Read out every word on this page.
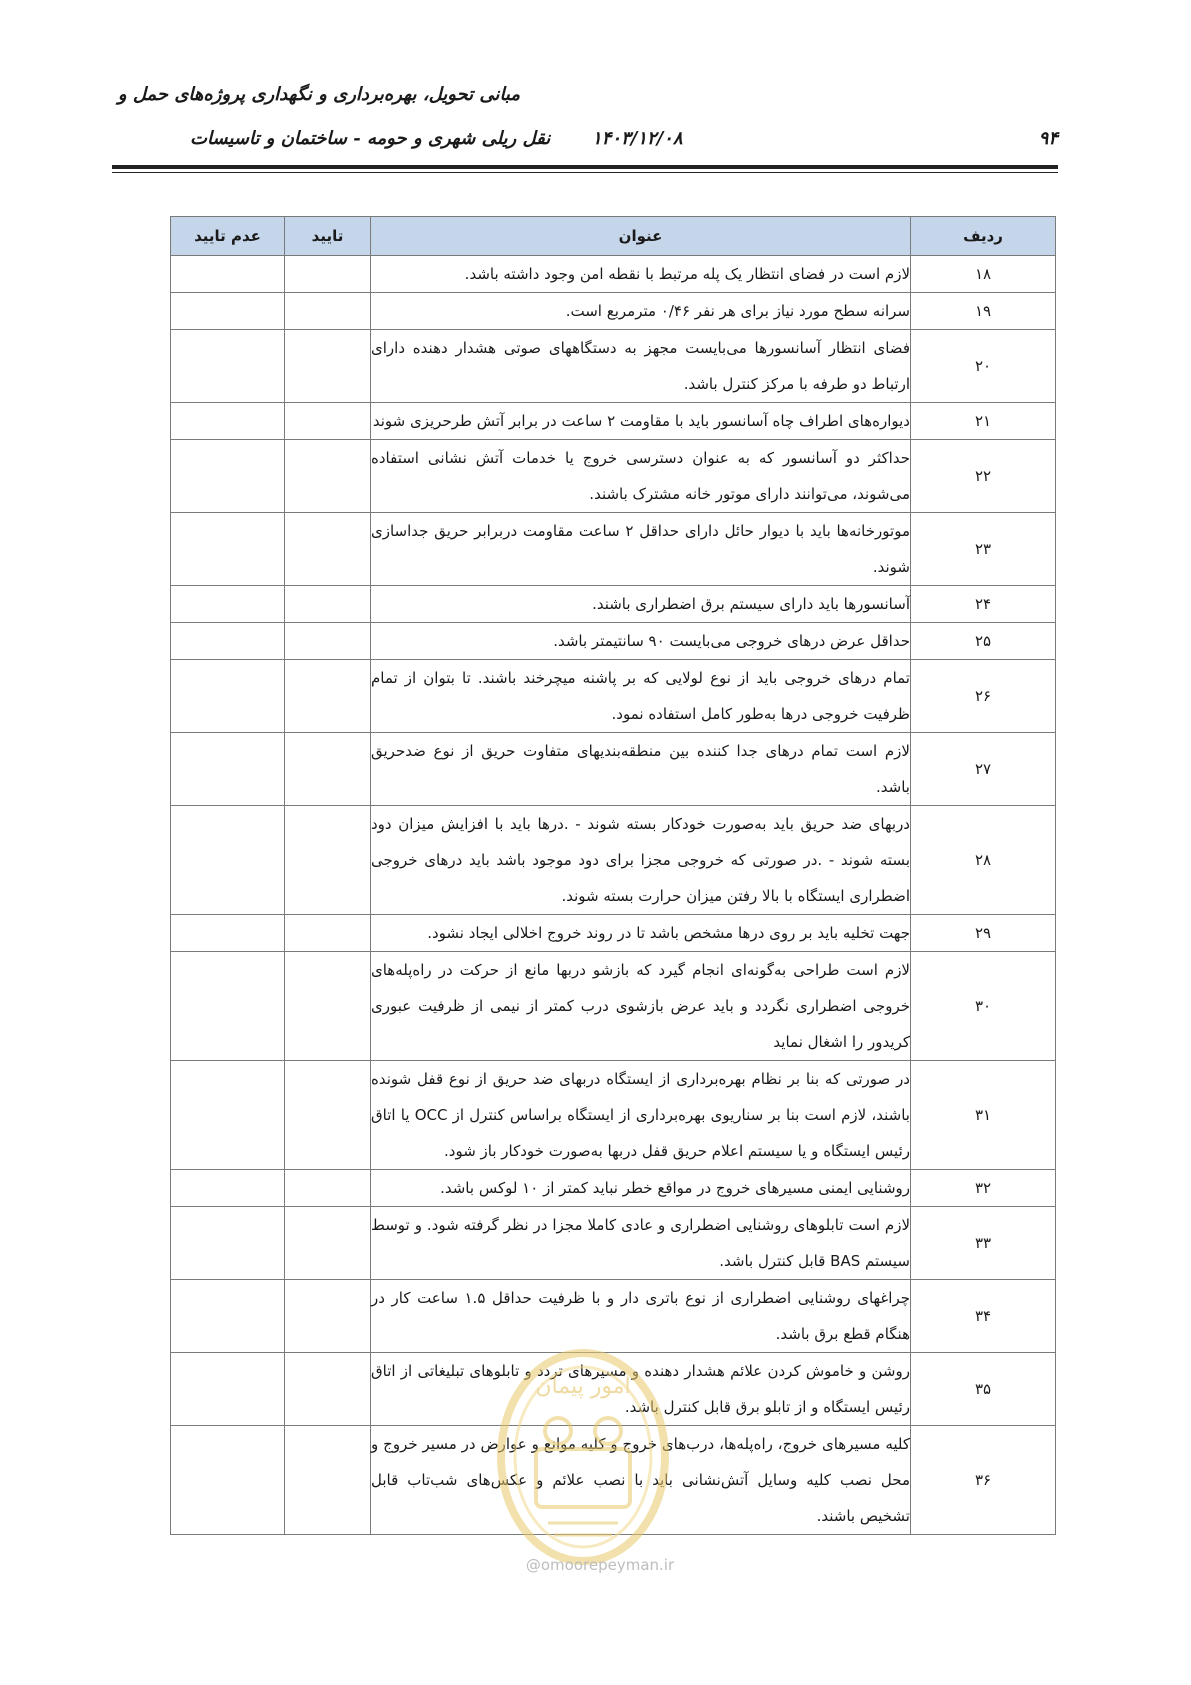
مبانی تحویل، بهره‌برداری و نگهداری پروژه‌های حمل و
نقل ریلی شهری و حومه - ساختمان و تاسیسات ۱۴۰۳/۱۲/۰۸	۹۴
ردیف	عنوان	تایید	عدم تایید
۱۸	لازم است در فضای انتظار یک پله مرتبط با نقطه امن وجود داشته باشد.		
۱۹	سرانه سطح مورد نیاز برای هر نفر ۰/۴۶ مترمربع است.		
۲۰	فضای انتظار آسانسورها می‌بایست مجهز به دستگاههای صوتی هشدار دهنده دارای ارتباط دو طرفه با مرکز کنترل باشد.		
۲۱	دیواره‌های اطراف چاه آسانسور باید با مقاومت ۲ ساعت در برابر آتش طرحریزی شوند		
۲۲	حداکثر دو آسانسور که به عنوان دسترسی خروج یا خدمات آتش نشانی استفاده می‌شوند، می‌توانند دارای موتور خانه مشترک باشند.		
۲۳	موتورخانه‌ها باید با دیوار حائل دارای حداقل ۲ ساعت مقاومت دربرابر حریق جداسازی شوند.		
۲۴	آسانسورها باید دارای سیستم برق اضطراری باشند.		
۲۵	حداقل عرض درهای خروجی می‌بایست ۹۰ سانتیمتر باشد.		
۲۶	تمام درهای خروجی باید از نوع لولایی که بر پاشنه میچرخند باشند. تا بتوان از تمام ظرفیت خروجی درها به‌طور کامل استفاده نمود.		
۲۷	لازم است تمام درهای جدا کننده بین منطقه‌بندیهای متفاوت حریق از نوع ضدحریق باشد.		
۲۸	دربهای ضد حریق باید به‌صورت خودکار بسته شوند - .درها باید با افزایش میزان دود بسته شوند - .در صورتی که خروجی مجزا برای دود موجود باشد باید درهای خروجی اضطراری ایستگاه با بالا رفتن میزان حرارت بسته شوند.		
۲۹	جهت تخلیه باید بر روی درها مشخص باشد تا در روند خروج اخلالی ایجاد نشود.		
۳۰	لازم است طراحی به‌گونه‌ای انجام گیرد که بازشو دربها مانع از حرکت در راه‌پله‌های خروجی اضطراری نگردد و باید عرض بازشوی درب کمتر از نیمی از ظرفیت عبوری کریدور را اشغال نماید		
۳۱	در صورتی که بنا بر نظام بهره‌برداری از ایستگاه دربهای ضد حریق از نوع قفل شونده باشند، لازم است بنا بر سناریوی بهره‌برداری از ایستگاه براساس کنترل از OCC یا اتاق رئیس ایستگاه و یا سیستم اعلام حریق قفل دربها به‌صورت خودکار باز شود.		
۳۲	روشنایی ایمنی مسیرهای خروج در مواقع خطر نباید کمتر از ۱۰ لوکس باشد.		
۳۳	لازم است تابلوهای روشنایی اضطراری و عادی کاملا مجزا در نظر گرفته شود. و توسط سیستم BAS قابل کنترل باشد.		
۳۴	چراغهای روشنایی اضطراری از نوع باتری دار و با ظرفیت حداقل ۱.۵ ساعت کار در هنگام قطع برق باشد.		
۳۵	روشن و خاموش کردن علائم هشدار دهنده و مسیرهای تردد و تابلوهای تبلیغاتی از اتاق رئیس ایستگاه و از تابلو برق قابل کنترل باشد.		
۳۶	کلیه مسیرهای خروج، راه‌پله‌ها، درب‌های خروج و کلیه موانع و عوارض در مسیر خروج و محل نصب کلیه وسایل آتش‌نشانی باید با نصب علائم و عکس‌های شب‌تاب قابل تشخیص باشند.		
امور پیمان
@omoorepeyman.ir
